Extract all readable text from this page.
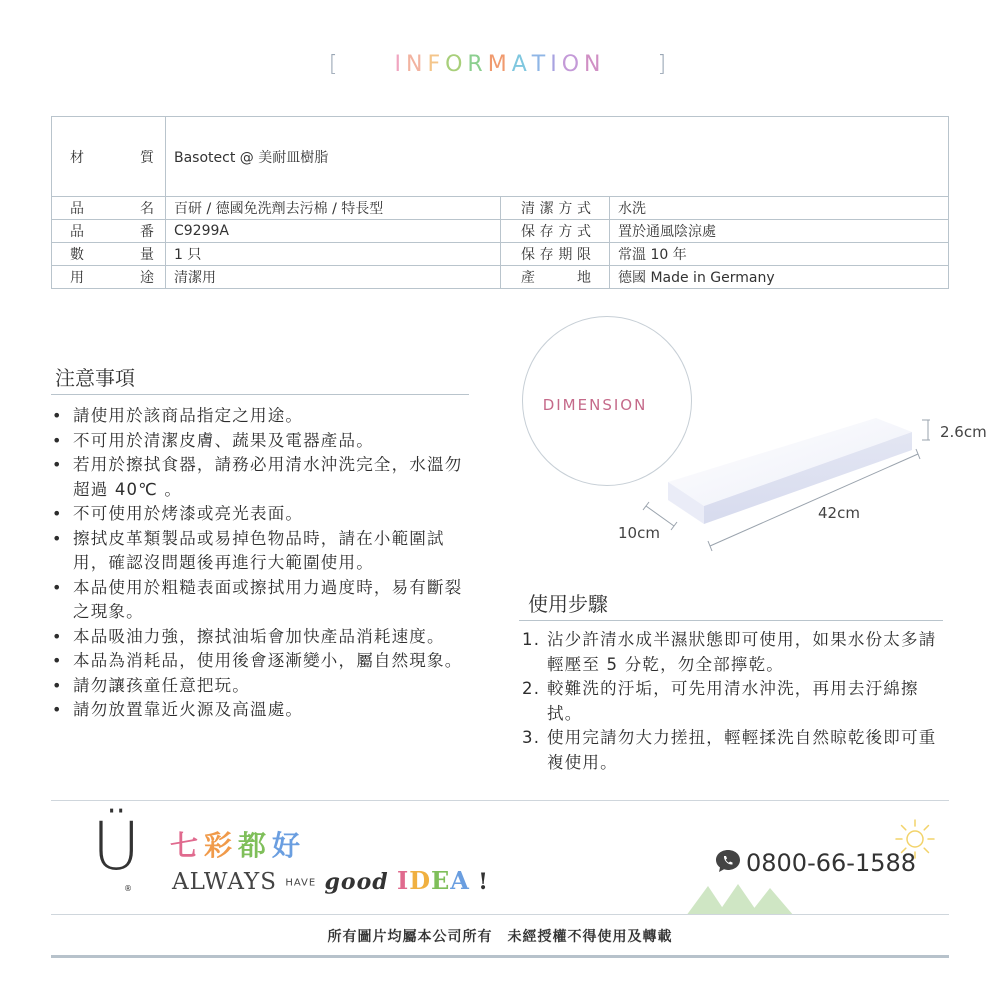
[ INFORMATION ]
材質	Basotect @ 美耐皿樹脂		
品名	百研 / 德國免洗劑去污棉 / 特長型	清潔方式	水洗
品番	C9299A	保存方式	置於通風陰涼處
數量	1 只	保存期限	常溫 10 年
用途	清潔用	產地	德國 Made in Germany
注意事項
• 請使用於該商品指定之用途。
• 不可用於清潔皮膚、蔬果及電器產品。
• 若用於擦拭食器，請務必用清水沖洗完全，水溫勿超過 40℃ 。
• 不可使用於烤漆或亮光表面。
• 擦拭皮革類製品或易掉色物品時，請在小範圍試用，確認沒問題後再進行大範圍使用。
• 本品使用於粗糙表面或擦拭用力過度時，易有斷裂之現象。
• 本品吸油力強，擦拭油垢會加快產品消耗速度。
• 本品為消耗品，使用後會逐漸變小，屬自然現象。
• 請勿讓孩童任意把玩。
• 請勿放置靠近火源及高溫處。
DIMENSION
2.6cm
42cm
10cm
使用步驟
1. 沾少許清水成半濕狀態即可使用，如果水份太多請輕壓至 5 分乾，勿全部擰乾。
2. 較難洗的汙垢，可先用清水沖洗，再用去汙綿擦拭。
3. 使用完請勿大力搓扭，輕輕揉洗自然晾乾後即可重複使用。
Ü
®
七彩都好
ALWAYS HAVE good IDEA !
0800-66-1588
所有圖片均屬本公司所有　未經授權不得使用及轉載
